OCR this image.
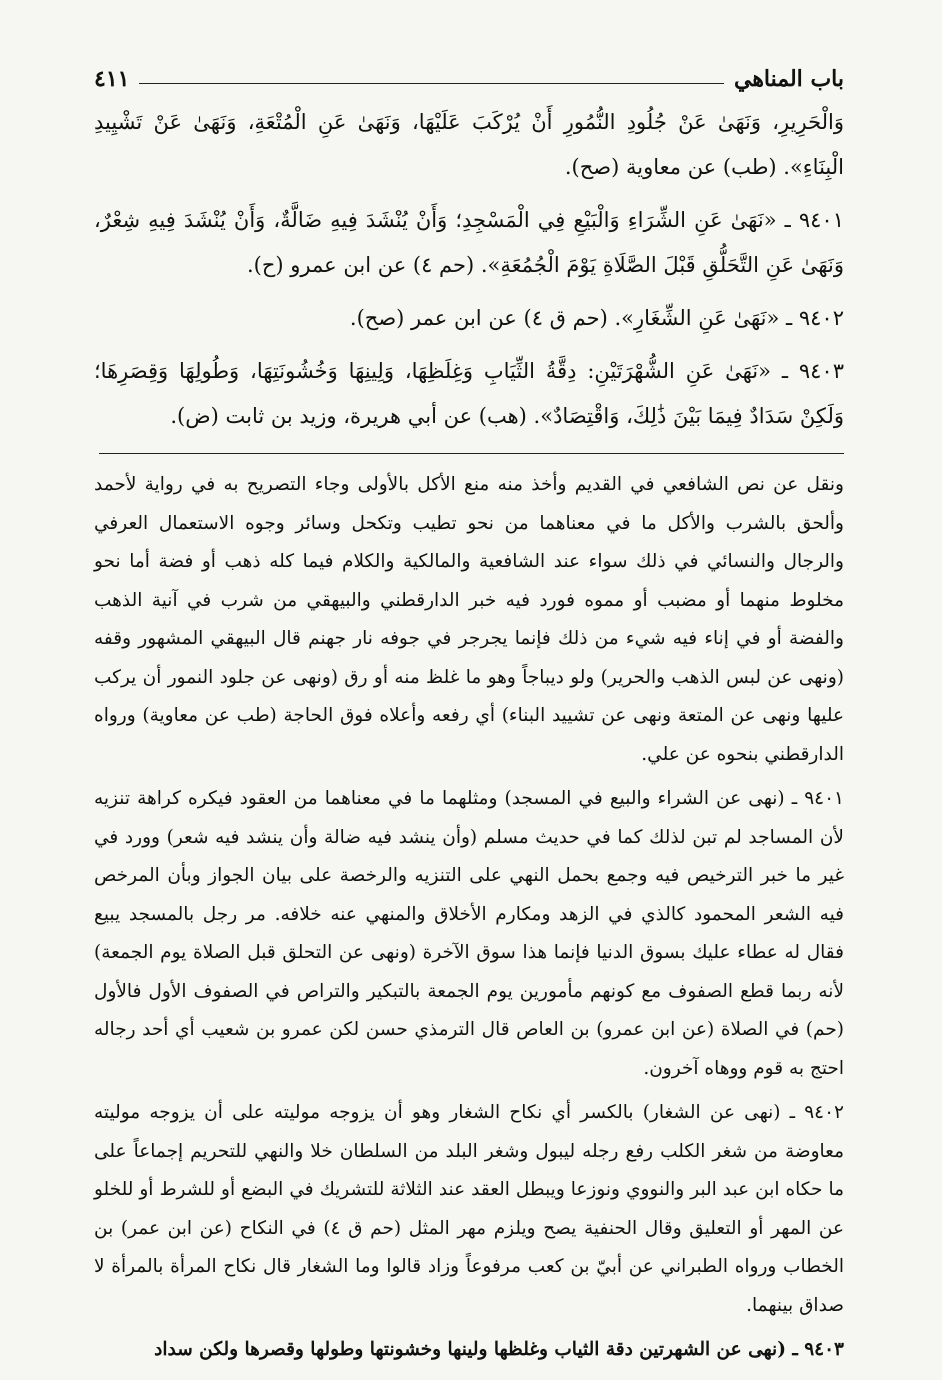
باب المناهي
٤١١

وَالْحَرِيرِ، وَنَهَىٰ عَنْ جُلُودِ النُّمُورِ أَنْ يُرْكَبَ عَلَيْهَا، وَنَهَىٰ عَنِ الْمُتْعَةِ، وَنَهَىٰ عَنْ تَشْيِيدِ الْبِنَاءِ». (طب) عن معاوية (صح).

٩٤٠١ ـ «نَهَىٰ عَنِ الشِّرَاءِ وَالْبَيْعِ فِي الْمَسْجِدِ؛ وَأَنْ يُنْشَدَ فِيهِ ضَالَّةٌ، وَأَنْ يُنْشَدَ فِيهِ شِعْرٌ، وَنَهَىٰ عَنِ التَّحَلُّقِ قَبْلَ الصَّلَاةِ يَوْمَ الْجُمُعَةِ». (حم ٤) عن ابن عمرو (ح).

٩٤٠٢ ـ «نَهَىٰ عَنِ الشِّغَارِ». (حم ق ٤) عن ابن عمر (صح).

٩٤٠٣ ـ «نَهَىٰ عَنِ الشُّهْرَتَيْنِ: دِقَّةُ الثِّيَابِ وَغِلَظِهَا، وَلِينِهَا وَخُشُونَتِهَا، وَطُولِهَا وَقِصَرِهَا؛ وَلَكِنْ سَدَادٌ فِيمَا بَيْنَ ذَٰلِكَ، وَاقْتِصَادٌ». (هب) عن أبي هريرة، وزيد بن ثابت (ض).

ونقل عن نص الشافعي في القديم وأخذ منه منع الأكل بالأولى وجاء التصريح به في رواية لأحمد وألحق بالشرب والأكل ما في معناهما من نحو تطيب وتكحل وسائر وجوه الاستعمال العرفي والرجال والنسائي في ذلك سواء عند الشافعية والمالكية والكلام فيما كله ذهب أو فضة أما نحو مخلوط منهما أو مضبب أو مموه فورد فيه خبر الدارقطني والبيهقي من شرب في آنية الذهب والفضة أو في إناء فيه شيء من ذلك فإنما يجرجر في جوفه نار جهنم قال البيهقي المشهور وقفه (ونهى عن لبس الذهب والحرير) ولو ديباجاً وهو ما غلظ منه أو رق (ونهى عن جلود النمور أن يركب عليها ونهى عن المتعة ونهى عن تشييد البناء) أي رفعه وأعلاه فوق الحاجة (طب عن معاوية) ورواه الدارقطني بنحوه عن علي.

٩٤٠١ ـ (نهى عن الشراء والبيع في المسجد) ومثلهما ما في معناهما من العقود فيكره كراهة تنزيه لأن المساجد لم تبن لذلك كما في حديث مسلم (وأن ينشد فيه ضالة وأن ينشد فيه شعر) وورد في غير ما خبر الترخيص فيه وجمع بحمل النهي على التنزيه والرخصة على بيان الجواز وبأن المرخص فيه الشعر المحمود كالذي في الزهد ومكارم الأخلاق والمنهي عنه خلافه. مر رجل بالمسجد يبيع فقال له عطاء عليك بسوق الدنيا فإنما هذا سوق الآخرة (ونهى عن التحلق قبل الصلاة يوم الجمعة) لأنه ربما قطع الصفوف مع كونهم مأمورين يوم الجمعة بالتبكير والتراص في الصفوف الأول فالأول (حم) في الصلاة (عن ابن عمرو) بن العاص قال الترمذي حسن لكن عمرو بن شعيب أي أحد رجاله احتج به قوم ووهاه آخرون.

٩٤٠٢ ـ (نهى عن الشغار) بالكسر أي نكاح الشغار وهو أن يزوجه موليته على أن يزوجه موليته معاوضة من شغر الكلب رفع رجله ليبول وشغر البلد من السلطان خلا والنهي للتحريم إجماعاً على ما حكاه ابن عبد البر والنووي ونوزعا ويبطل العقد عند الثلاثة للتشريك في البضع أو للشرط أو للخلو عن المهر أو التعليق وقال الحنفية يصح ويلزم مهر المثل (حم ق ٤) في النكاح (عن ابن عمر) بن الخطاب ورواه الطبراني عن أبيّ بن كعب مرفوعاً وزاد قالوا وما الشغار قال نكاح المرأة بالمرأة لا صداق بينهما.

٩٤٠٣ ـ (نهى عن الشهرتين دقة الثياب وغلظها ولينها وخشونتها وطولها وقصرها ولكن سداد
